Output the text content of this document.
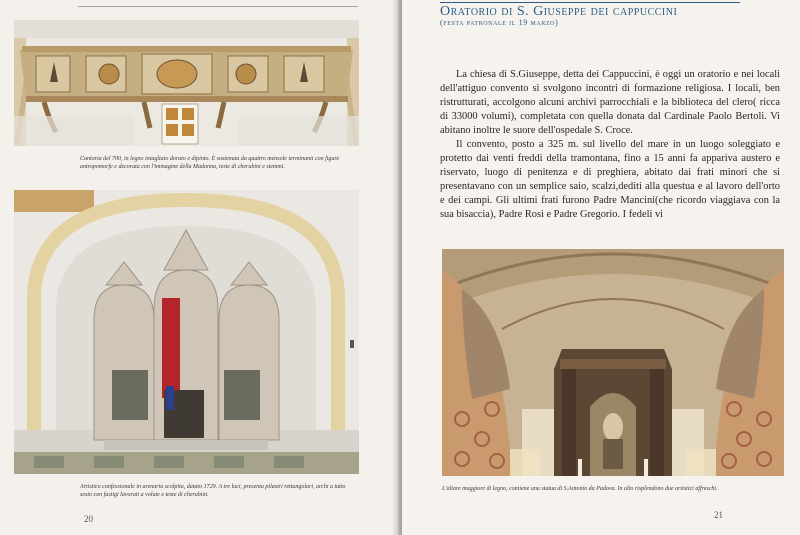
Cantoria del 700, in legno intagliato dorato e dipinto. È sostenuta da quattro mensole terminanti con figure antropomorfe e decorata con l'immagine della Madonna, teste di cherubini e stemmi.
Artistico confessionale in arenaria scolpita, datato 1729. A tre luci, presenta pilastri rettangolari, archi a tutto sesto con fastigi lavorati a volute e teste di cherubini.
20
Oratorio di S. Giuseppe dei cappuccini
(festa patronale il 19 marzo)

La chiesa di S.Giuseppe, detta dei Cappuccini, è oggi un oratorio e nei locali dell'attiguo convento si svolgono incontri di formazione religiosa. I locali, ben ristrutturati, accolgono alcuni archivi parrocchiali e la biblioteca del clero( ricca di 33000 volumi), completata con quella donata dal Cardinale Paolo Bertoli. Vi abitano inoltre le suore dell'ospedale S. Croce.

Il convento, posto a 325 m. sul livello del mare in un luogo soleggiato e protetto dai venti freddi della tramontana, fino a 15 anni fa appariva austero e riservato, luogo di penitenza e di preghiera, abitato dai frati minori che si presentavano con un semplice saio, scalzi,dediti alla questua e al lavoro dell'orto e dei campi. Gli ultimi frati furono Padre Mancini(che ricordo viaggiava con la sua bisaccia), Padre Rosi e Padre Gregorio. I fedeli vi

L'altare maggiore di legno, contiene una statua di S.Antonio da Padova. In alto risplendono due artistici affreschi.
21
